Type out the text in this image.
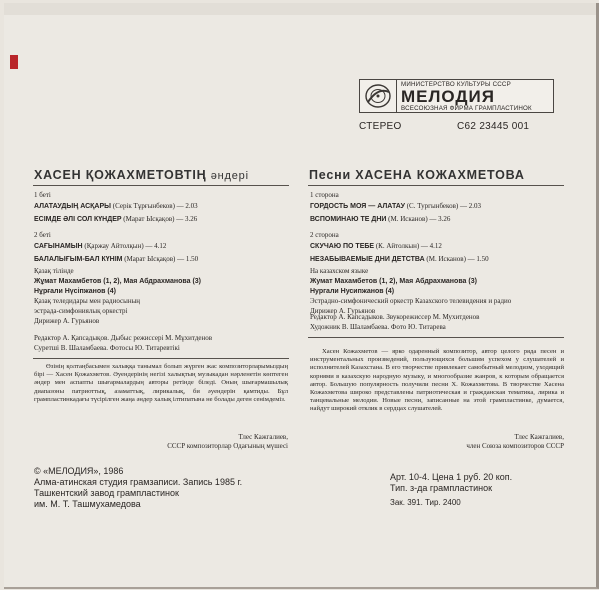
МИНИСТЕРСТВО КУЛЬТУРЫ СССР
МЕЛОДИЯ
ВСЕСОЮЗНАЯ ФИРМА ГРАМПЛАСТИНОК
СТЕРЕО	С62 23445 001
ХАСЕН ҚОЖАХМЕТОВТІҢ әндері
1 беті
АЛАТАУДЫҢ АСҚАРЫ (Серік Тұрғынбеков) — 2.03
ЕСІМДЕ ӘЛІ СОЛ КҮНДЕР (Марат Ысқақов) — 3.26
2 беті
САҒЫНАМЫН (Қаржау Айтолқын) — 4.12
БАЛАЛЫҒЫМ-БАЛ КҮНІМ (Марат Ысқақов) — 1.50
Қазақ тілінде
Жұмат Махамбетов (1, 2), Мая Абдрахманова (3)
Нұрғали Нүсіпжанов (4)
Қазақ теледидары мен радиосының
эстрада-симфониялық оркестрі
Дирижер А. Гурьянов
Редактор А. Қапсадықов. Дыбыс режиссері М. Мұхитденов
Суретші В. Шаламбаева. Фотосы Ю. Титаревтікі
Өзінің қолтаңбасымен халыққа танымал болып жүрген жас композиторларымыздың бірі — Хасен Қожахметов. Әуендерінің негізі халықтың музыкадан нәрленетін көптеген әндер мен аспапты шығармалардың авторы ретінде біледі. Оның шығармашылық диапазоны патриоттық, азаматтық, лирикалық, би әуендерін қамтиды. Бұл грампластинкадағы түсірілген жаңа әндер халық ілтипатына не болады деген сенімдеміз.
Тлес Кажгалиев,
СССР композиторлар Одағының мүшесі
Песни ХАСЕНА КОЖАХМЕТОВА
1 сторона
ГОРДОСТЬ МОЯ — АЛАТАУ (С. Тургынбеков) — 2.03
ВСПОМИНАЮ ТЕ ДНИ (М. Исканов) — 3.26
2 сторона
СКУЧАЮ ПО ТЕБЕ (К. Айтолкын) — 4.12
НЕЗАБЫВАЕМЫЕ ДНИ ДЕТСТВА (М. Исканов) — 1.50
На казахском языке
Жумат Махамбетов (1, 2), Мая Абдрахманова (3)
Нургали Нусипжанов (4)
Эстрадно-симфонический оркестр Казахского телевидения и радио
Дирижер А. Гурьянов
Редактор А. Капсадыков. Звукорежиссер М. Мухитденов
Художник В. Шаламбаева. Фото Ю. Титарева
Хасен Кожахметов — ярко одаренный композитор, автор целого ряда песен и инструментальных произведений, пользующихся большим успехом у слушателей и исполнителей Казахстана. В его творчестве привлекает самобытный мелодизм, уходящий корнями в казахскую народную музыку, и многообразие жанров, к которым обращается автор. Большую популярность получили песни Х. Кожахметова. В творчестве Хасена Кожахметова широко представлены патриотическая и гражданская тематика, лирика и танцевальные мелодии. Новые песни, записанные на этой грампластинке, думается, найдут широкий отклик в сердцах слушателей.
Тлес Кажгалиев,
член Союза композиторов СССР
© «МЕЛОДИЯ», 1986
Алма-атинская студия грамзаписи. Запись 1985 г.
Ташкентский завод грампластинок
им. М. Т. Ташмухамедова
Арт. 10-4. Цена 1 руб. 20 коп.
Тип. з-да грампластинок
Зак. 391. Тир. 2400
